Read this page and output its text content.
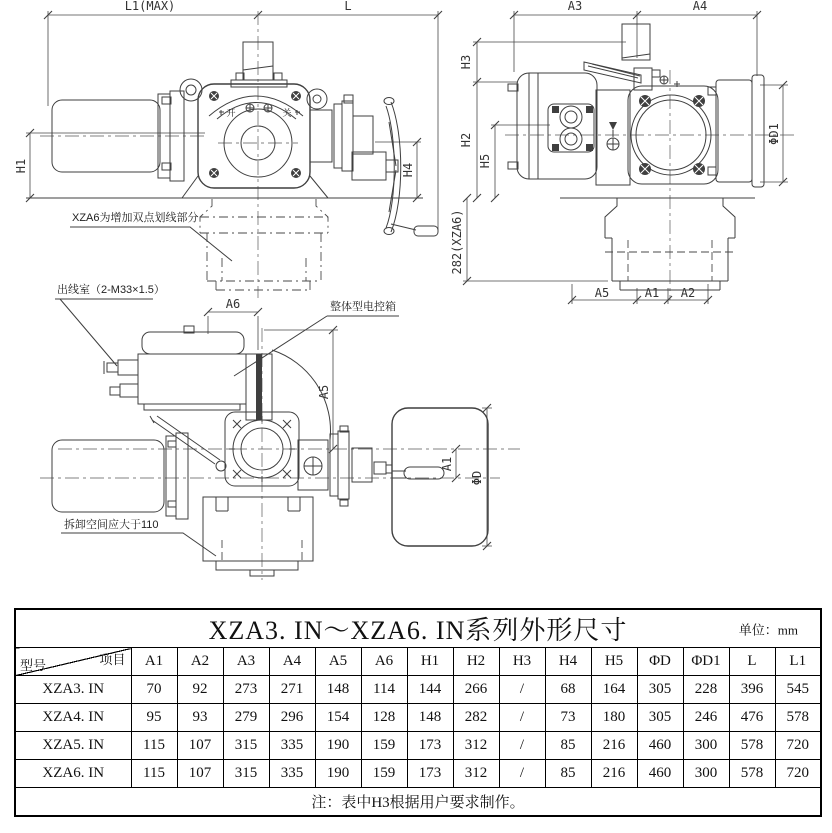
L1(MAX)	L
H1	H4
开	关
XZA6为增加双点划线部分
出线室（2-M33×1.5）
A3	A4
H3
H2
H5
282(XZA6)
ΦD1
A5	A1 A2
A6
A5
A1
ΦD
整体型电控箱
拆卸空间应大于110
XZA3. IN～XZA6. IN系列外形尺寸 单位：mm															

项目
型号	A1	A2	A3	A4	A5	A6	H1	H2	H3	H4	H5	ΦD	ΦD1	L	L1
XZA3. IN	70	92	273	271	148	114	144	266	/	68	164	305	228	396	545
XZA4. IN	95	93	279	296	154	128	148	282	/	73	180	305	246	476	578
XZA5. IN	115	107	315	335	190	159	173	312	/	85	216	460	300	578	720
XZA6. IN	115	107	315	335	190	159	173	312	/	85	216	460	300	578	720
注：表中H3根据用户要求制作。															
